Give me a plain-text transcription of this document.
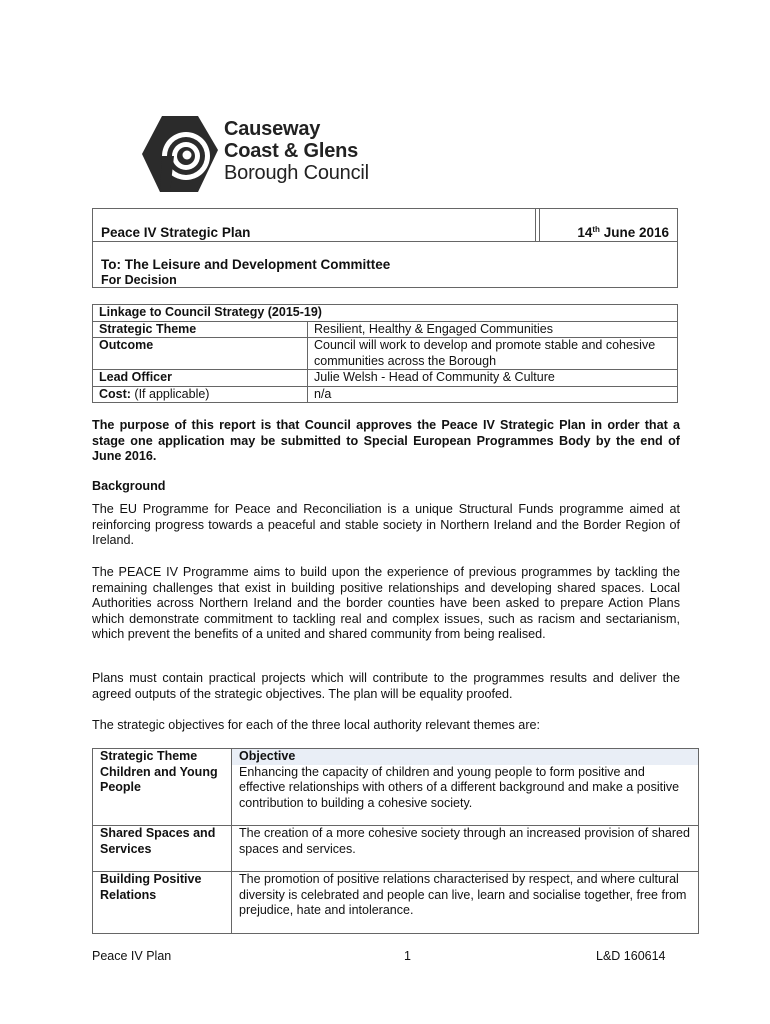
Causeway
Coast & Glens
Borough Council
Peace IV Strategic Plan	14th June 2016
To: The Leisure and Development Committee
For Decision
Linkage to Council Strategy (2015-19)	
Strategic Theme	Resilient, Healthy & Engaged Communities
Outcome	Council will work to develop and promote stable and cohesive communities across the Borough
Lead Officer	Julie Welsh - Head of Community & Culture
Cost: (If applicable)	n/a
The purpose of this report is that Council approves the Peace IV Strategic Plan in order that a stage one application may be submitted to Special European Programmes Body by the end of June 2016.
Background
The EU Programme for Peace and Reconciliation is a unique Structural Funds programme aimed at reinforcing progress towards a peaceful and stable society in Northern Ireland and the Border Region of Ireland.
The PEACE IV Programme aims to build upon the experience of previous programmes by tackling the remaining challenges that exist in building positive relationships and developing shared spaces. Local Authorities across Northern Ireland and the border counties have been asked to prepare Action Plans which demonstrate commitment to tackling real and complex issues, such as racism and sectarianism, which prevent the benefits of a united and shared community from being realised.
Plans must contain practical projects which will contribute to the programmes results and deliver the agreed outputs of the strategic objectives. The plan will be equality proofed.
The strategic objectives for each of the three local authority relevant themes are:
Strategic Theme	Objective
Children and Young People	Enhancing the capacity of children and young people to form positive and effective relationships with others of a different background and make a positive contribution to building a cohesive society.
Shared Spaces and Services	The creation of a more cohesive society through an increased provision of shared spaces and services.
Building Positive Relations	The promotion of positive relations characterised by respect, and where cultural diversity is celebrated and people can live, learn and socialise together, free from prejudice, hate and intolerance.
Peace IV Plan	1	L&D 160614
